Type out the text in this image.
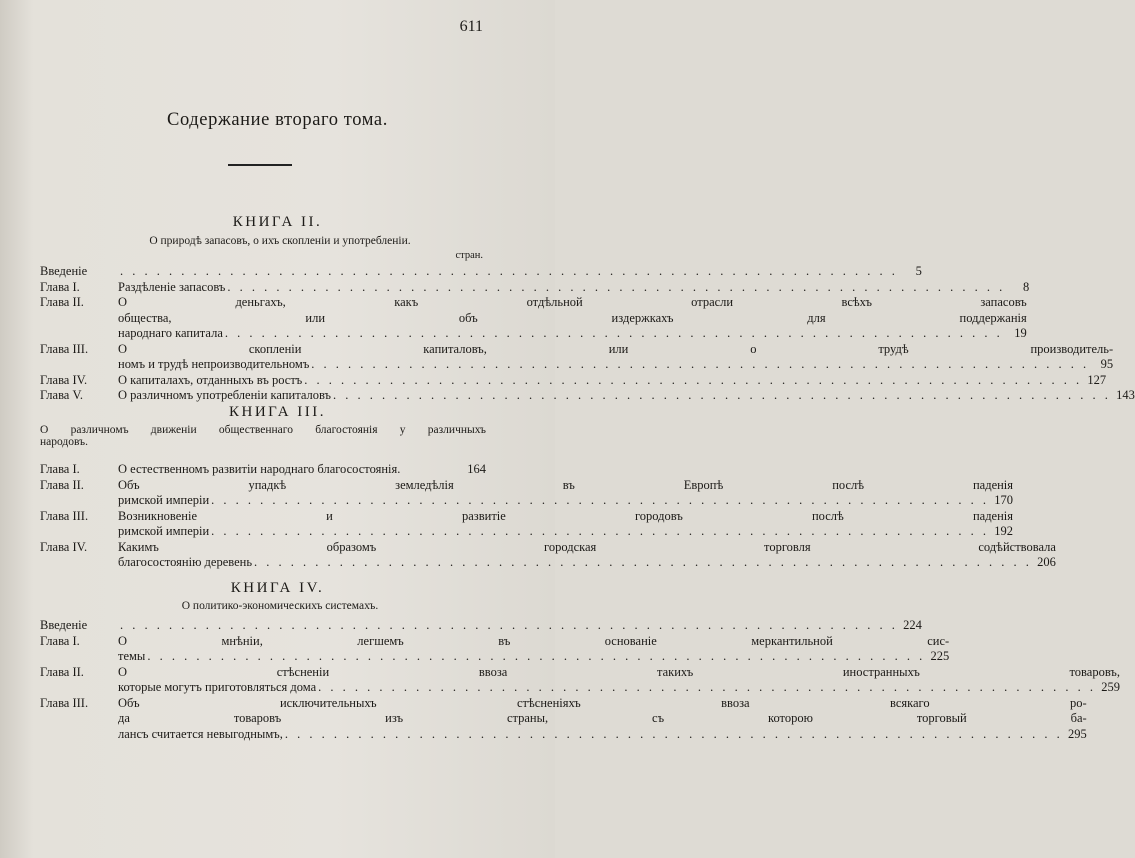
611
Содержание втораго тома.
КНИГА II.
О природѣ запасовъ, о ихъ скопленіи и употребленіи.
стран.
Введеніе . . .	5
Глава I.	Раздѣленіе запасовъ . . .	8
Глава II.	О деньгахъ, какъ отдѣльной отрасли всѣхъ запасовъ
общества, или объ издержкахъ для поддержанія
народнаго капитала . . .	19
Глава III.	О скопленіи капиталовъ, или о трудѣ производитель-
номъ и трудѣ непроизводительномъ . . .	95
Глава IV.	О капиталахъ, отданныхъ въ ростъ . . .	127
Глава V.	О различномъ употребленіи капиталовъ . . .	143
КНИГА III.
О различномъ движеніи общественнаго благостоянія у различныхъ
народовъ.
Глава I.	О естественномъ развитіи народнаго благосостоянія.	164
Глава II.	Объ упадкѣ земледѣлія въ Европѣ послѣ паденія
римской имперіи . . .	170
Глава III.	Возникновеніе и развитіе городовъ послѣ паденія
римской имперіи . . .	192
Глава IV.	Какимъ образомъ городская торговля содѣйствовала
благосостоянію деревень . . .	206
КНИГА IV.
О политико-экономическихъ системахъ.
Введеніе . . .	224
Глава I.	О мнѣніи, легшемъ въ основаніе меркантильной сис-
темы . . .	225
Глава II.	О стѣсненіи ввоза такихъ иностранныхъ товаровъ,
которые могутъ приготовляться дома . . .	259
Глава III.	Объ исключительныхъ стѣсненіяхъ ввоза всякаго ро-
да товаровъ изъ страны, съ которою торговый ба-
лансъ считается невыгоднымъ, . . .	295
